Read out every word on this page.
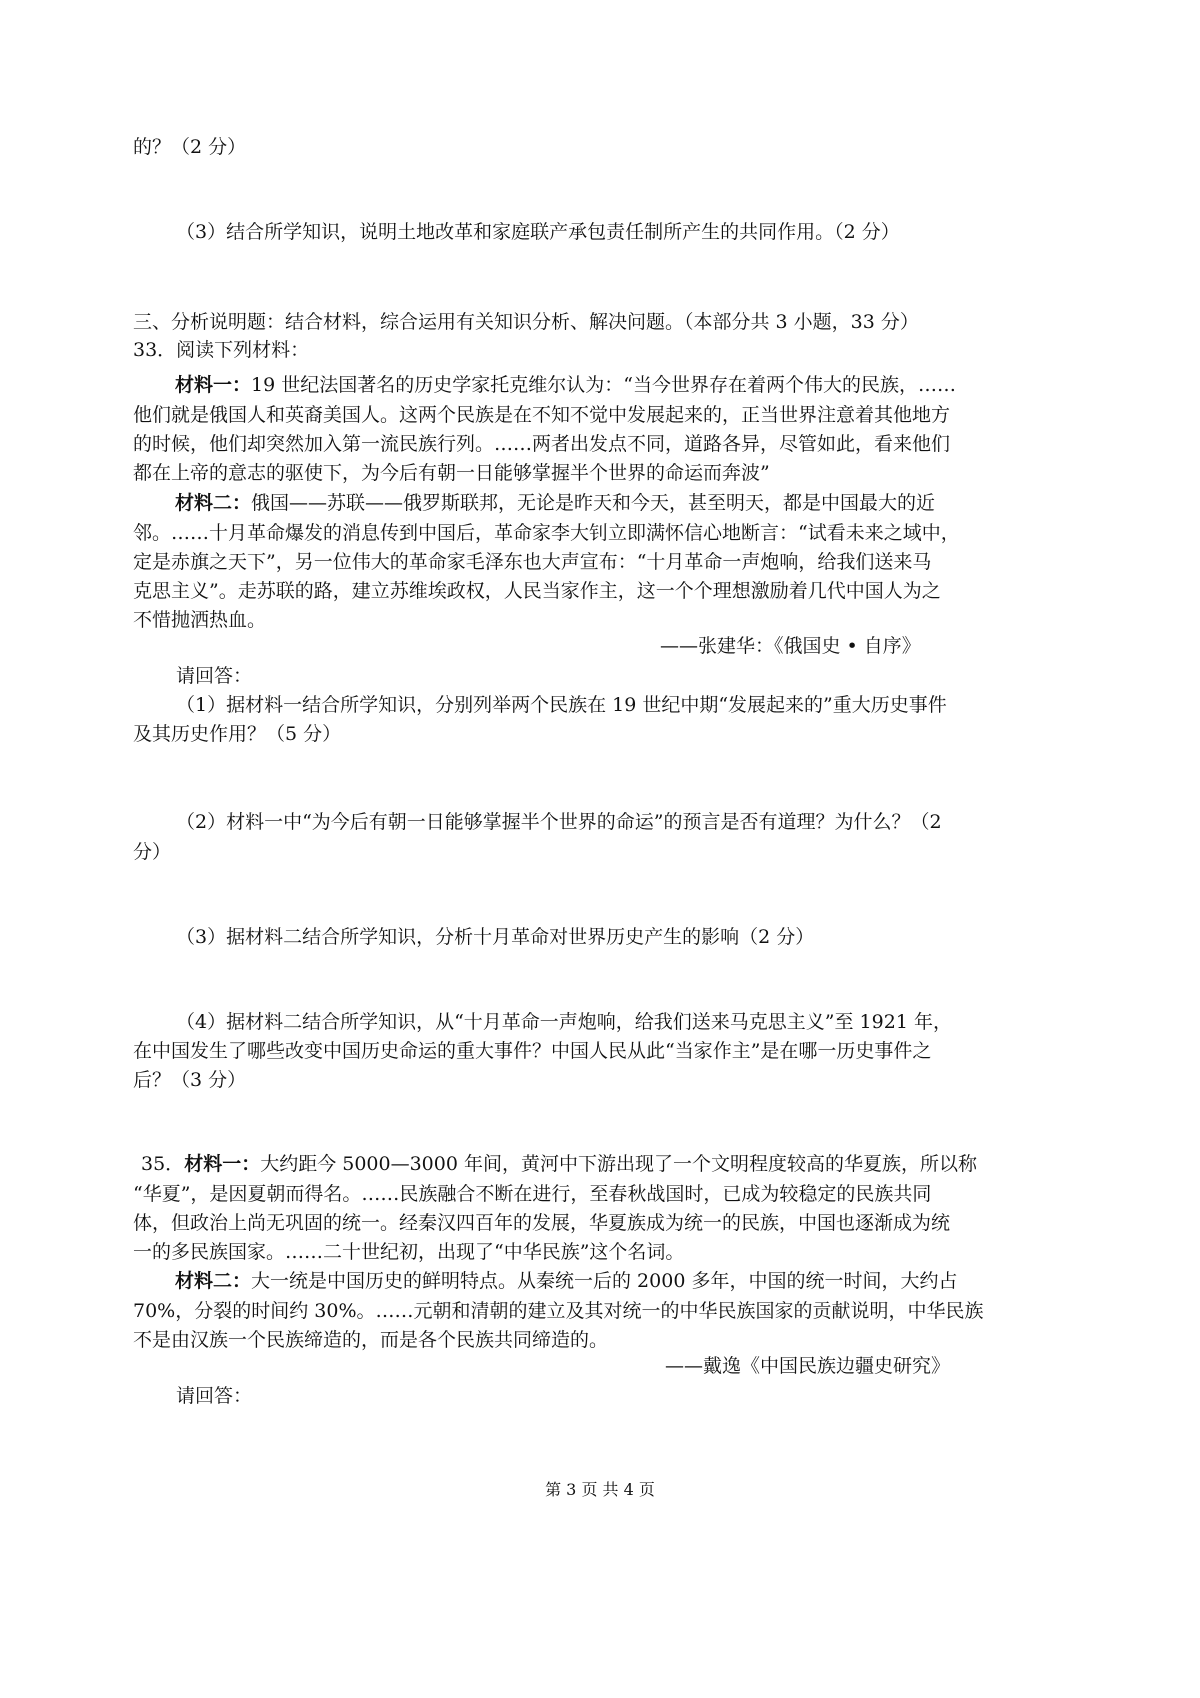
的？（2 分）
（3）结合所学知识，说明土地改革和家庭联产承包责任制所产生的共同作用。（2 分）
三、分析说明题：结合材料，综合运用有关知识分析、解决问题。（本部分共 3 小题，33 分）
33．阅读下列材料：
材料一：19 世纪法国著名的历史学家托克维尔认为：“当今世界存在着两个伟大的民族，……
他们就是俄国人和英裔美国人。这两个民族是在不知不觉中发展起来的，正当世界注意着其他地方
的时候，他们却突然加入第一流民族行列。……两者出发点不同，道路各异，尽管如此，看来他们
都在上帝的意志的驱使下，为今后有朝一日能够掌握半个世界的命运而奔波”
材料二：俄国——苏联——俄罗斯联邦，无论是昨天和今天，甚至明天，都是中国最大的近
邻。……十月革命爆发的消息传到中国后，革命家李大钊立即满怀信心地断言：“试看未来之域中，
定是赤旗之天下”，另一位伟大的革命家毛泽东也大声宣布：“十月革命一声炮响，给我们送来马
克思主义”。走苏联的路，建立苏维埃政权，人民当家作主，这一个个理想激励着几代中国人为之
不惜抛洒热血。
——张建华：《俄国史 • 自序》
请回答：
（1）据材料一结合所学知识，分别列举两个民族在 19 世纪中期“发展起来的”重大历史事件
及其历史作用？（5 分）
（2）材料一中“为今后有朝一日能够掌握半个世界的命运”的预言是否有道理？为什么？（2
分）
（3）据材料二结合所学知识，分析十月革命对世界历史产生的影响（2 分）
（4）据材料二结合所学知识，从“十月革命一声炮响，给我们送来马克思主义”至 1921 年，
在中国发生了哪些改变中国历史命运的重大事件？中国人民从此“当家作主”是在哪一历史事件之
后？（3 分）
35．材料一：大约距今 5000—3000 年间，黄河中下游出现了一个文明程度较高的华夏族，所以称
“华夏”，是因夏朝而得名。……民族融合不断在进行，至春秋战国时，已成为较稳定的民族共同
体，但政治上尚无巩固的统一。经秦汉四百年的发展，华夏族成为统一的民族，中国也逐渐成为统
一的多民族国家。……二十世纪初，出现了“中华民族”这个名词。
材料二：大一统是中国历史的鲜明特点。从秦统一后的 2000 多年，中国的统一时间，大约占
70%，分裂的时间约 30%。……元朝和清朝的建立及其对统一的中华民族国家的贡献说明，中华民族
不是由汉族一个民族缔造的，而是各个民族共同缔造的。
——戴逸《中国民族边疆史研究》
请回答：
第 3 页 共 4 页
